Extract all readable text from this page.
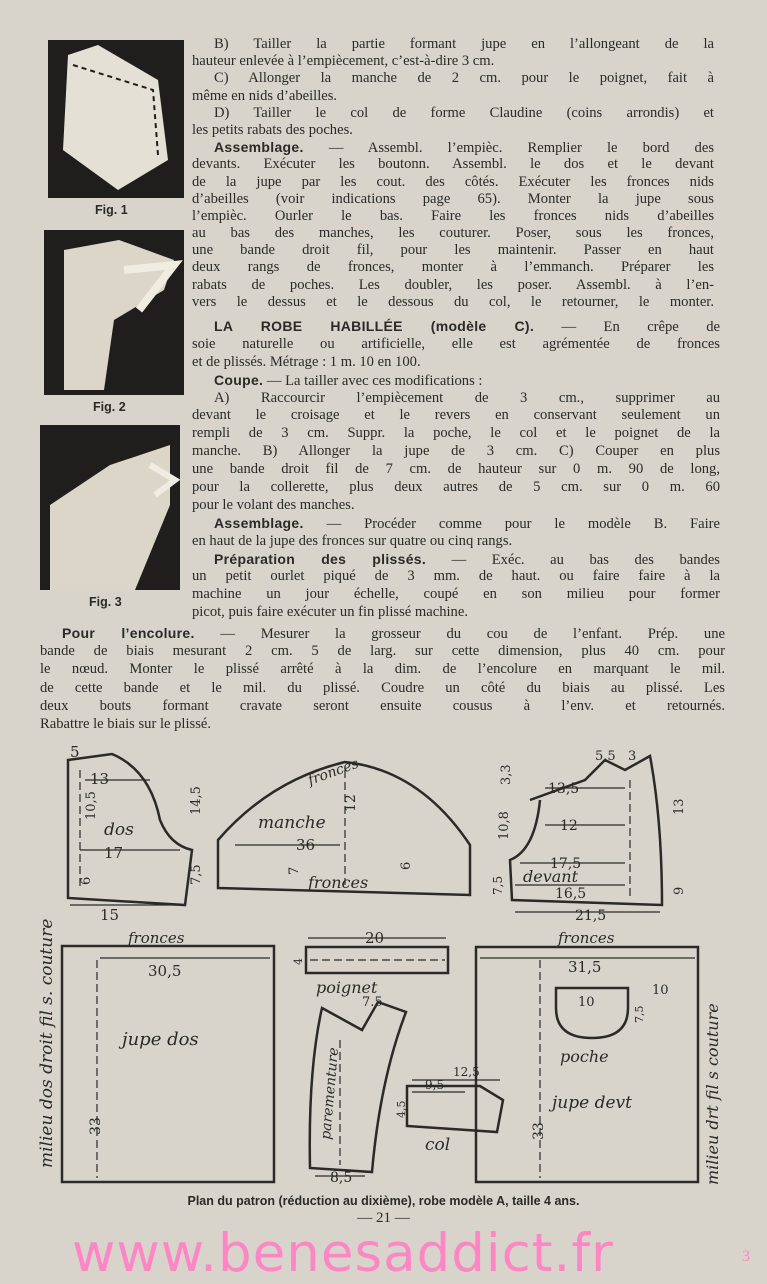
Fig. 1
Fig. 2
Fig. 3
B) Tailler la partie formant jupe en l’allongeant de la
hauteur enlevée à l’empiècement, c’est-à-dire 3 cm.
C) Allonger la manche de 2 cm. pour le poignet, fait à
même en nids d’abeilles.
D) Tailler le col de forme Claudine (coins arrondis) et
les petits rabats des poches.
Assemblage. — Assembl. l’empièc. Remplier le bord des
devants. Exécuter les boutonn. Assembl. le dos et le devant
de la jupe par les cout. des côtés. Exécuter les fronces nids
d’abeilles (voir indications page 65). Monter la jupe sous
l’empièc. Ourler le bas. Faire les fronces nids d’abeilles
au bas des manches, les couturer. Poser, sous les fronces,
une bande droit fil, pour les maintenir. Passer en haut
deux rangs de fronces, monter à l’emmanch. Préparer les
rabats de poches. Les doubler, les poser. Assembl. à l’en-
vers le dessus et le dessous du col, le retourner, le monter.
LA ROBE HABILLÉE (modèle C). — En crêpe de
soie naturelle ou artificielle, elle est agrémentée de fronces
et de plissés. Métrage : 1 m. 10 en 100.
Coupe. — La tailler avec ces modifications :
A) Raccourcir l’empiècement de 3 cm., supprimer au
devant le croisage et le revers en conservant seulement un
rempli de 3 cm. Suppr. la poche, le col et le poignet de la
manche. B) Allonger la jupe de 3 cm. C) Couper en plus
une bande droit fil de 7 cm. de hauteur sur 0 m. 90 de long,
pour la collerette, plus deux autres de 5 cm. sur 0 m. 60
pour le volant des manches.
Assemblage. — Procéder comme pour le modèle B. Faire
en haut de la jupe des fronces sur quatre ou cinq rangs.
Préparation des plissés. — Exéc. au bas des bandes
un petit ourlet piqué de 3 mm. de haut. ou faire faire à la
machine un jour échelle, coupé en son milieu pour former
picot, puis faire exécuter un fin plissé machine.
Pour l’encolure. — Mesurer la grosseur du cou de l’enfant. Prép. une
bande de biais mesurant 2 cm. 5 de larg. sur cette dimension, plus 40 cm. pour
le nœud. Monter le plissé arrêté à la dim. de l’encolure en marquant le mil.
de cette bande et le mil. du plissé. Coudre un côté du biais au plissé. Les
deux bouts formant cravate seront ensuite cousus à l’env. et retournés.
Rabattre le biais sur le plissé.
5
13
dos
17
10,5	14,5
6	7,5
15
fronces
manche
12
36
7
6
fronces
5,5 3
3,3
13,5
10,8	12
13
17,5
7,5 devant
16,5	9
21,5
fronces
30,5
jupe dos
33
20
4
poignet
7.5
parementure
8,5
12,5
9,5
4,5
col
fronces
31,5
10
10
7,5
poche
jupe devt
33
milieu dos droit fil s. couture	milieu drt fil s couture
Plan du patron (réduction au dixième), robe modèle A, taille 4 ans.
— 21 —
www.benesaddict.fr	3
